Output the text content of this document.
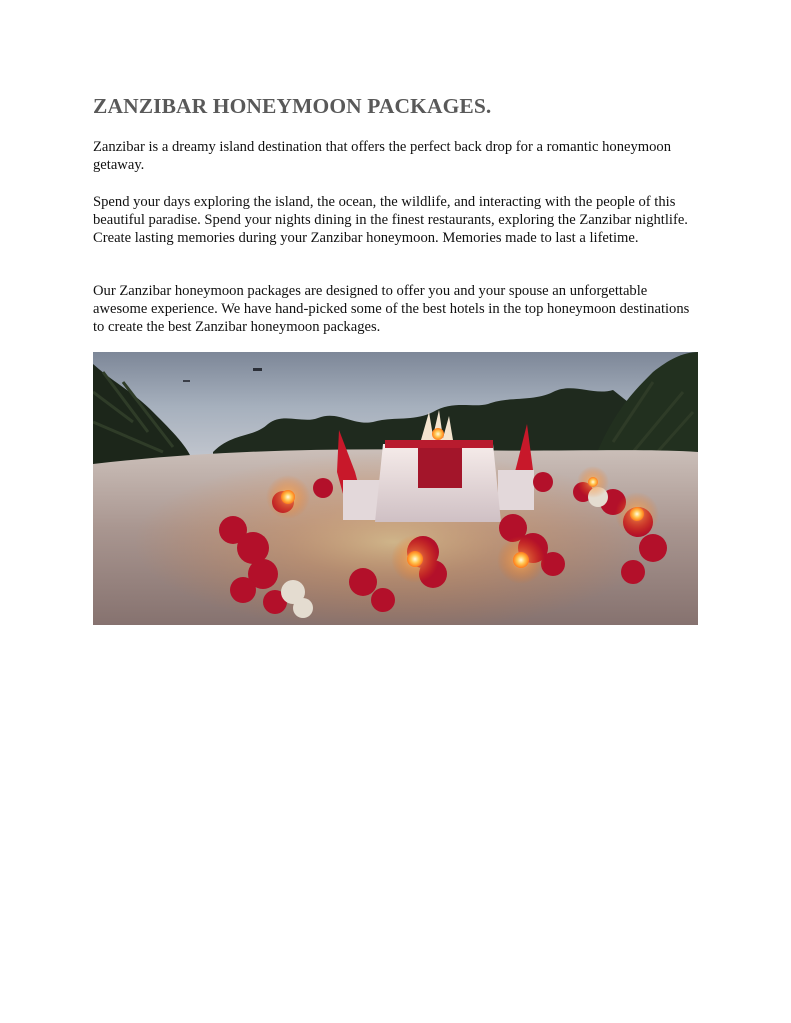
ZANZIBAR HONEYMOON PACKAGES.

Zanzibar is a dreamy island destination that offers the perfect back drop for a romantic honeymoon getaway.

Spend your days exploring the island, the ocean, the wildlife, and interacting with the people of this beautiful paradise. Spend your nights dining in the finest restaurants, exploring the Zanzibar nightlife. Create lasting memories during your Zanzibar honeymoon. Memories made to last a lifetime.

Our Zanzibar honeymoon packages are designed to offer you and your spouse an unforgettable awesome experience. We have hand-picked some of the best hotels in the top honeymoon destinations to create the best Zanzibar honeymoon packages.
